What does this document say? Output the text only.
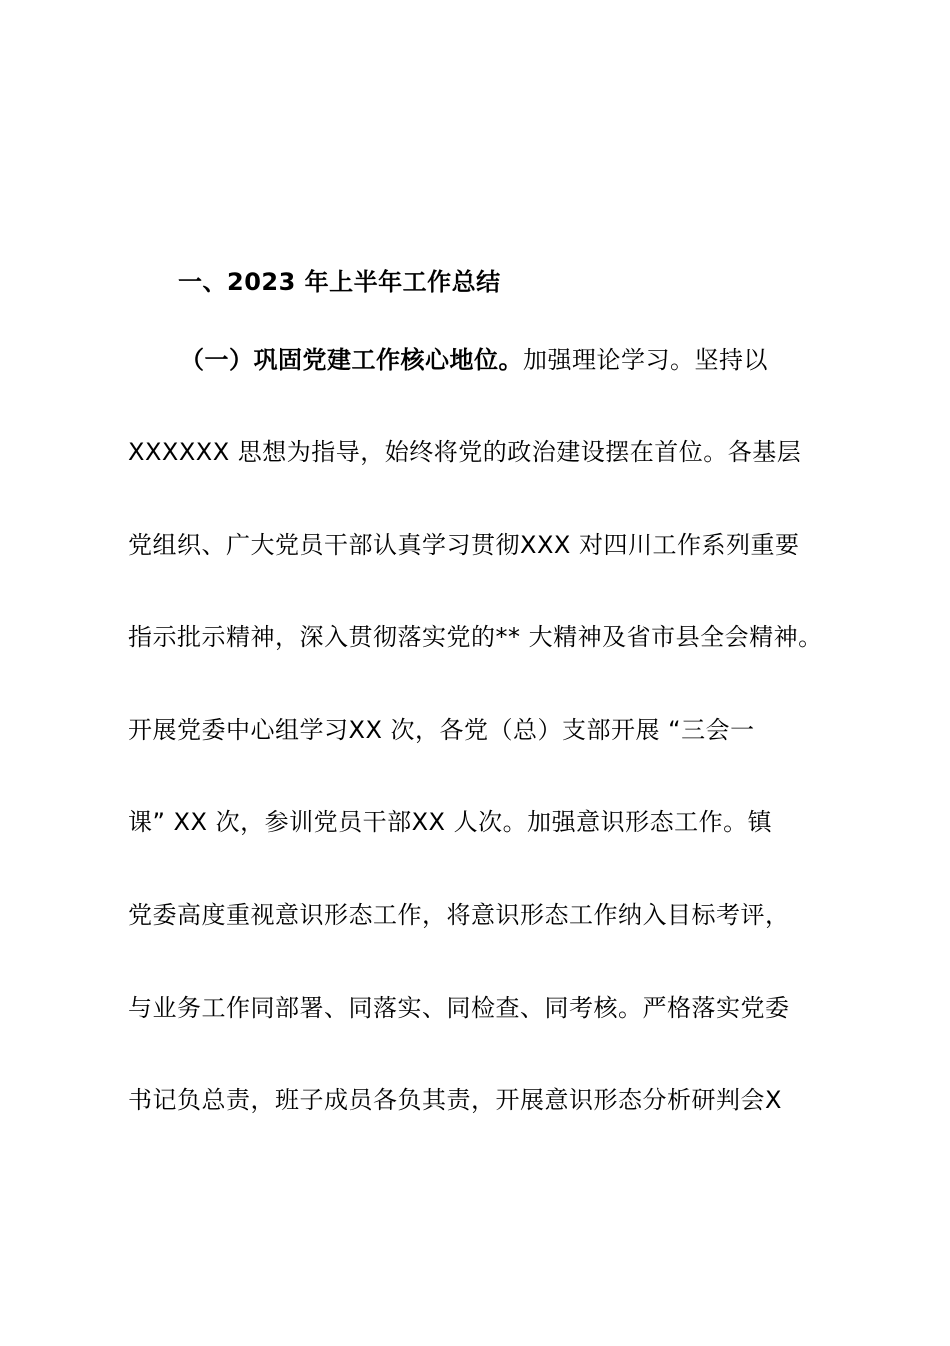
一、2023 年上半年工作总结
（一）巩固党建工作核心地位。加强理论学习。坚持以
XXXXXX 思想为指导，始终将党的政治建设摆在首位。各基层
党组织、广大党员干部认真学习贯彻XXX 对四川工作系列重要
指示批示精神，深入贯彻落实党的** 大精神及省市县全会精神。
开展党委中心组学习XX 次，各党（总）支部开展 “三会一
课” XX 次，参训党员干部XX 人次。加强意识形态工作。镇
党委高度重视意识形态工作，将意识形态工作纳入目标考评，
与业务工作同部署、同落实、同检查、同考核。严格落实党委
书记负总责，班子成员各负其责，开展意识形态分析研判会X
